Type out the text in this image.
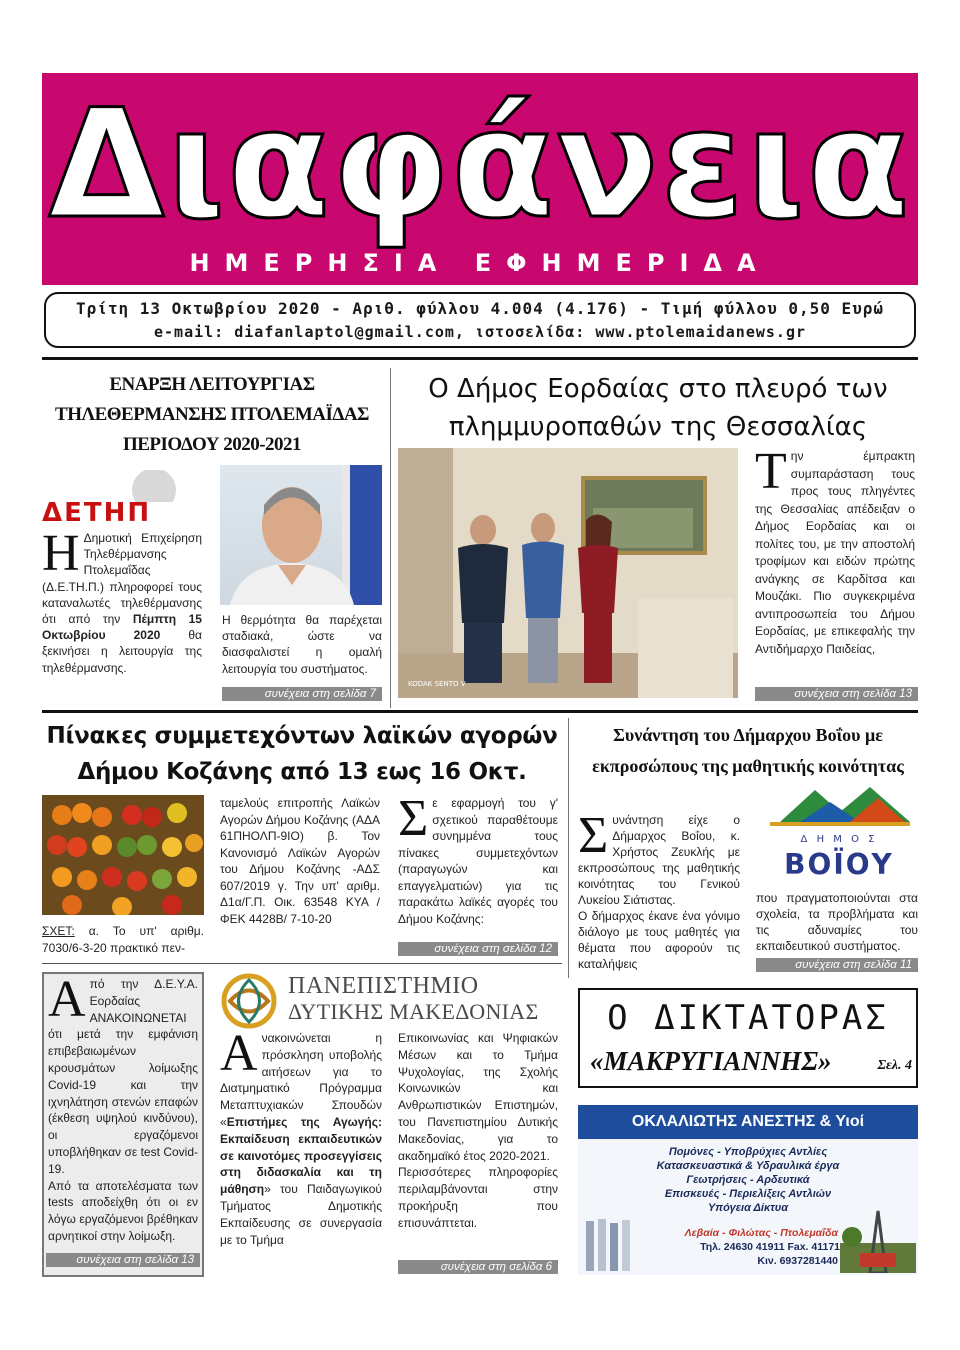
Διαφάνεια
ΗΜΕΡΗΣΙΑ ΕΦΗΜΕΡΙΔΑ
Τρίτη 13 Οκτωβρίου 2020 - Αριθ. φύλλου 4.004 (4.176) - Τιμή φύλλου 0,50 Ευρώ
e-mail: diafanlaptol@gmail.com, ιστοσελίδα: www.ptolemaidanews.gr
ΕΝΑΡΞΗ ΛΕΙΤΟΥΡΓΙΑΣ ΤΗΛΕΘΕΡΜΑΝΣΗΣ ΠΤΟΛΕΜΑΪΔΑΣ ΠΕΡΙΟΔΟΥ 2020-2021
ΔΕΤΗΠ
Η Δημοτική Επιχείρηση Τηλεθέρμανσης Πτολεμαΐδας (Δ.Ε.ΤΗ.Π.) πληροφορεί τους καταναλωτές τηλεθέρμανσης ότι από την Πέμπτη 15 Οκτωβρίου 2020 θα ξεκινήσει η λειτουργία της τηλεθέρμανσης.
Η θερμότητα θα παρέχεται σταδιακά, ώστε να διασφαλιστεί η ομαλή λειτουργία του συστήματος.
συνέχεια στη σελίδα 7
Ο Δήμος Εορδαίας στο πλευρό των πλημμυροπαθών της Θεσσαλίας
KODAK SENTO V
Την έμπρακτη συμπαράσταση τους προς τους πληγέντες της Θεσσαλίας απέδειξαν ο Δήμος Εορδαίας και οι πολίτες του, με την αποστολή τροφίμων και ειδών πρώτης ανάγκης σε Καρδίτσα και Μουζάκι. Πιο συγκεκριμένα αντιπροσωπεία του Δήμου Εορδαίας, με επικεφαλής την Αντιδήμαρχο Παιδείας,
συνέχεια στη σελίδα 13
Πίνακες συμμετεχόντων λαϊκών αγορών Δήμου Κοζάνης από 13 εως 16 Οκτ.
ΣΧΕΤ: α. Το υπ' αριθμ. 7030/6-3-20 πρακτικό πεν-
ταμελούς επιτροπής Λαϊκών Αγορών Δήμου Κοζάνης (ΑΔΑ 61ΠΗΟΛΠ-9ΙΟ) β. Τον Κανονισμό Λαϊκών Αγορών του Δήμου Κοζάνης -ΑΔΣ 607/2019 γ. Την υπ' αριθμ. Δ1α/Γ.Π. Οικ. 63548 ΚΥΑ / ΦΕΚ 4428Β/ 7-10-20
Σε εφαρμογή του γ' σχετικού παραθέτουμε συνημμένα τους πίνακες συμμετεχόντων (παραγωγών και επαγγελματιών) για τις παρακάτω λαϊκές αγορές του Δήμου Κοζάνης:
συνέχεια στη σελίδα 12
Συνάντηση του Δήμαρχου Βοΐου με εκπροσώπους της μαθητικής κοινότητας
Δ Η Μ Ο Σ
ΒΟΪΟΥ
Συνάντηση είχε ο Δήμαρχος Βοΐου, κ. Χρήστος Ζευκλής με εκπροσώπους της μαθητικής κοινότητας του Γενικού Λυκείου Σιάτιστας.
Ο δήμαρχος έκανε ένα γόνιμο διάλογο με τους μαθητές για θέματα που αφορούν τις καταλήψεις
που πραγματοποιούνται στα σχολεία, τα προβλήματα και τις αδυναμίες του εκπαιδευτικού συστήματος.
συνέχεια στη σελίδα 11
Από την Δ.Ε.Υ.Α. Εορδαίας ΑΝΑΚΟΙΝΩΝΕΤΑΙ ότι μετά την εμφάνιση επιβεβαιωμένων κρουσμάτων λοίμωξης Covid-19 και την ιχνηλάτηση στενών επαφών (έκθεση υψηλού κινδύνου), οι εργαζόμενοι υποβλήθηκαν σε test Covid-19.
Από τα αποτελέσματα των tests αποδείχθη ότι οι εν λόγω εργαζόμενοι βρέθηκαν αρνητικοί στην λοίμωξη.
συνέχεια στη σελίδα 13
ΠΑΝΕΠΙΣΤΗΜΙΟ
ΔΥΤΙΚΗΣ ΜΑΚΕΔΟΝΙΑΣ
Ανακοινώνεται η πρόσκληση υποβολής αιτήσεων για το Διατμηματικό Πρόγραμμα Μεταπτυχιακών Σπουδών «Επιστήμες της Αγωγής: Εκπαίδευση εκπαιδευτικών σε καινοτόμες προσεγγίσεις στη διδασκαλία και τη μάθηση» του Παιδαγωγικού Τμήματος Δημοτικής Εκπαίδευσης σε συνεργασία με το Τμήμα
Επικοινωνίας και Ψηφιακών Μέσων και το Τμήμα Ψυχολογίας, της Σχολής Κοινωνικών και Ανθρωπιστικών Επιστημών, του Πανεπιστημίου Δυτικής Μακεδονίας, για το ακαδημαϊκό έτος 2020-2021.
Περισσότερες πληροφορίες περιλαμβάνονται στην προκήρυξη που επισυνάπτεται.
συνέχεια στη σελίδα 6
Ο ΔΙΚΤΑΤΟΡΑΣ
«ΜΑΚΡΥΓΙΑΝΝΗΣ»	Σελ. 4
ΟΚΛΑΛΙΩΤΗΣ ΑΝΕΣΤΗΣ & Υιοί
Πομόνες - Υποβρύχιες Αντλίες
Κατασκευαστικά & Υδραυλικά έργα
Γεωτρήσεις - Αρδευτικά
Επισκευές - Περιελίξεις Αντλιών
Υπόγεια Δίκτυα
Λεβαία - Φιλώτας - Πτολεμαΐδα
Τηλ. 24630 41911 Fax. 41171
Κιν. 6937281440
